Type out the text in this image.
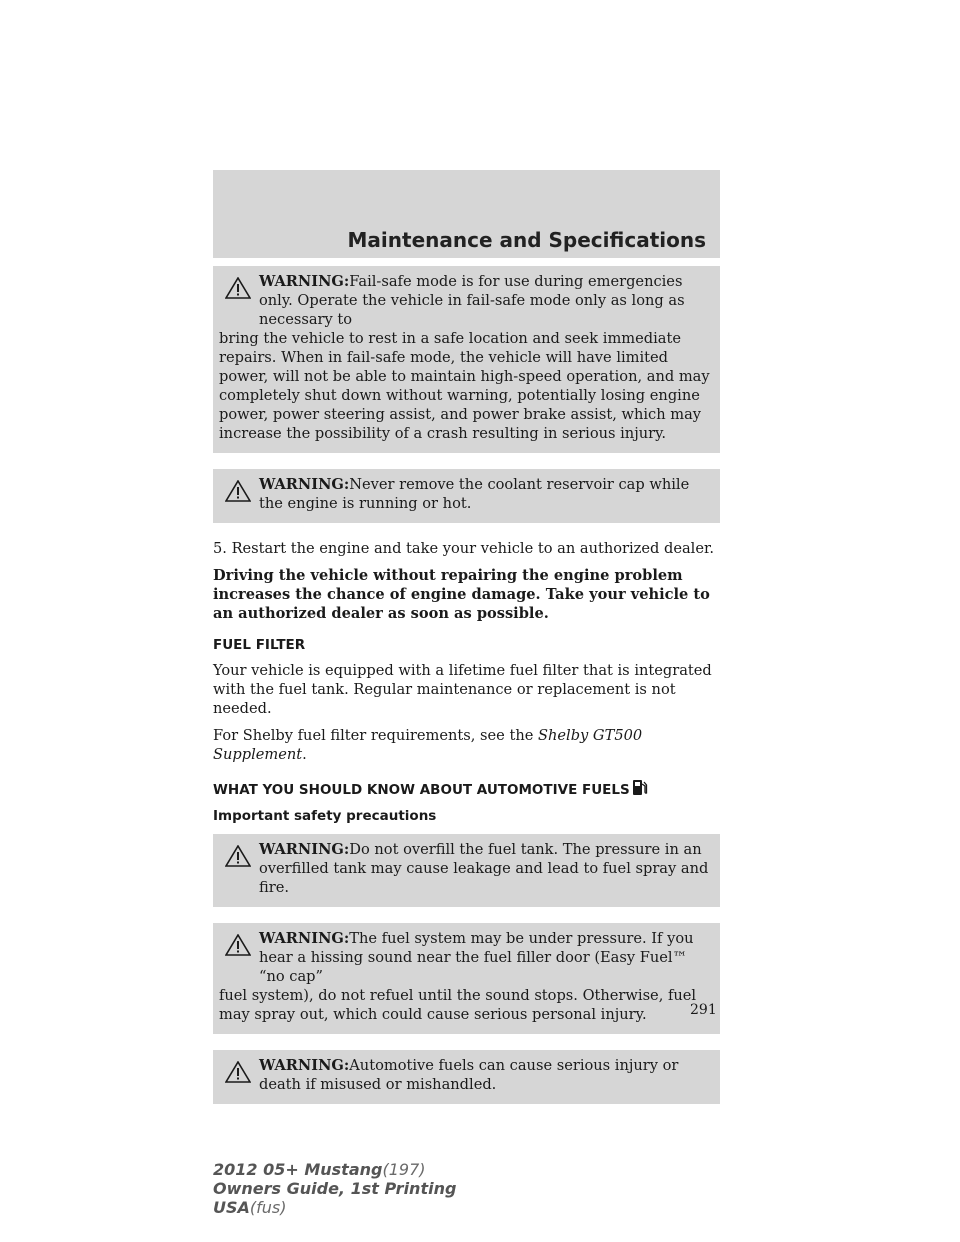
Maintenance and Specifications
WARNING:Fail-safe mode is for use during emergencies only. Operate the vehicle in fail-safe mode only as long as necessary to
bring the vehicle to rest in a safe location and seek immediate repairs. When in fail-safe mode, the vehicle will have limited power, will not be able to maintain high-speed operation, and may completely shut down without warning, potentially losing engine power, power steering assist, and power brake assist, which may increase the possibility of a crash resulting in serious injury.
WARNING:Never remove the coolant reservoir cap while the engine is running or hot.

5. Restart the engine and take your vehicle to an authorized dealer.

Driving the vehicle without repairing the engine problem increases the chance of engine damage. Take your vehicle to an authorized dealer as soon as possible.

FUEL FILTER

Your vehicle is equipped with a lifetime fuel filter that is integrated with the fuel tank. Regular maintenance or replacement is not needed.

For Shelby fuel filter requirements, see the Shelby GT500 Supplement.

WHAT YOU SHOULD KNOW ABOUT AUTOMOTIVE FUELS
Important safety precautions
WARNING:Do not overfill the fuel tank. The pressure in an overfilled tank may cause leakage and lead to fuel spray and fire.
WARNING:The fuel system may be under pressure. If you hear a hissing sound near the fuel filler door (Easy Fuel™ “no cap”
fuel system), do not refuel until the sound stops. Otherwise, fuel may spray out, which could cause serious personal injury.
WARNING:Automotive fuels can cause serious injury or death if misused or mishandled.
291
2012 05+ Mustang(197)
Owners Guide, 1st Printing
USA(fus)
